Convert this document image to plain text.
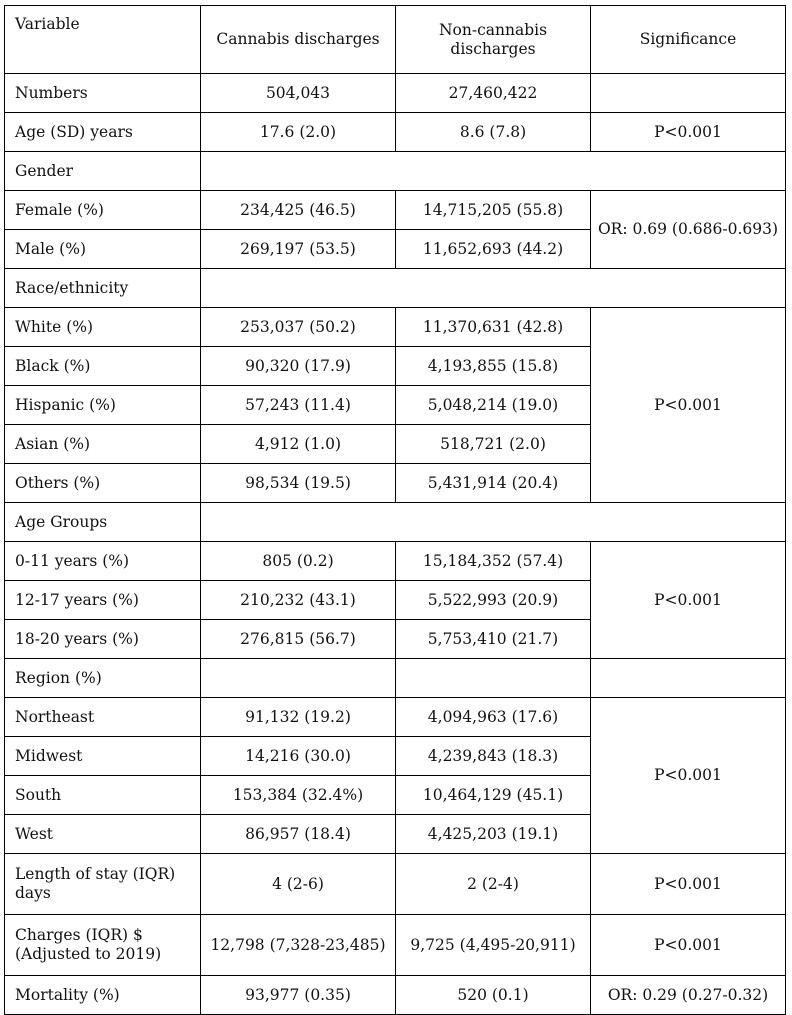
Variable	Cannabis discharges	Non-cannabis discharges	Significance
Numbers	504,043	27,460,422	
Age (SD) years	17.6 (2.0)	8.6 (7.8)	P<0.001
Gender			
Female (%)	234,425 (46.5)	14,715,205 (55.8)	OR: 0.69 (0.686-0.693)
Male (%)	269,197 (53.5)	11,652,693 (44.2)	
Race/ethnicity			
White (%)	253,037 (50.2)	11,370,631 (42.8)	P<0.001
Black (%)	90,320 (17.9)	4,193,855 (15.8)	
Hispanic (%)	57,243 (11.4)	5,048,214 (19.0)	
Asian (%)	4,912 (1.0)	518,721 (2.0)	
Others (%)	98,534 (19.5)	5,431,914 (20.4)	
Age Groups			
0-11 years (%)	805 (0.2)	15,184,352 (57.4)	P<0.001
12-17 years (%)	210,232 (43.1)	5,522,993 (20.9)	
18-20 years (%)	276,815 (56.7)	5,753,410 (21.7)	
Region (%)			
Northeast	91,132 (19.2)	4,094,963 (17.6)	P<0.001
Midwest	14,216 (30.0)	4,239,843 (18.3)	
South	153,384 (32.4%)	10,464,129 (45.1)	
West	86,957 (18.4)	4,425,203 (19.1)	
Length of stay (IQR) days	4 (2-6)	2 (2-4)	P<0.001
Charges (IQR) $ (Adjusted to 2019)	12,798 (7,328-23,485)	9,725 (4,495-20,911)	P<0.001
Mortality (%)	93,977 (0.35)	520 (0.1)	OR: 0.29 (0.27-0.32)
